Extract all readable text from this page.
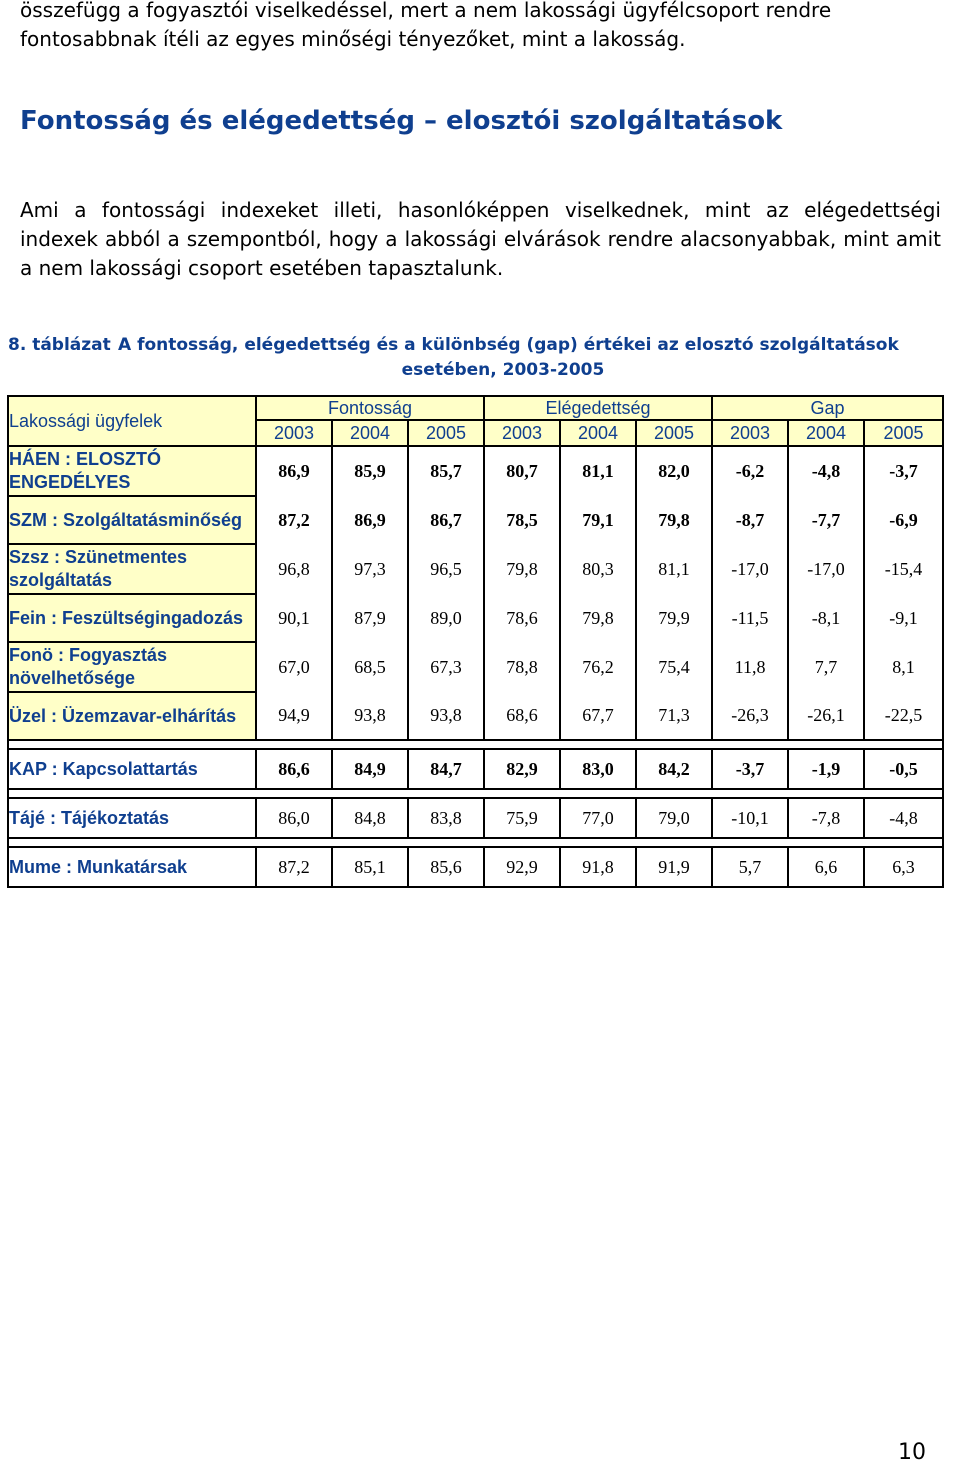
összefügg a fogyasztói viselkedéssel, mert a nem lakossági ügyfélcsoport rendre

fontosabbnak ítéli az egyes minőségi tényezőket, mint a lakosság.

Fontosság és elégedettség – elosztói szolgáltatások

Ami a fontossági indexeket illeti, hasonlóképpen viselkednek, mint az elégedettségi indexek abból a szempontból, hogy a lakossági elvárások rendre alacsonyabbak, mint amit a nem lakossági csoport esetében tapasztalunk.

8. táblázat A fontosság, elégedettség és a különbség (gap) értékei az elosztó szolgáltatások
esetében, 2003-2005
Lakossági ügyfelek	Fontosság			Elégedettség			Gap		
	2003	2004	2005	2003	2004	2005	2003	2004	2005
HÁEN : ELOSZTÓ ENGEDÉLYES	86,9	85,9	85,7	80,7	81,1	82,0	-6,2	-4,8	-3,7
SZM : Szolgáltatásminőség	87,2	86,9	86,7	78,5	79,1	79,8	-8,7	-7,7	-6,9
Szsz : Szünetmentes szolgáltatás	96,8	97,3	96,5	79,8	80,3	81,1	-17,0	-17,0	-15,4
Fein : Feszültségingadozás	90,1	87,9	89,0	78,6	79,8	79,9	-11,5	-8,1	-9,1
Fonö : Fogyasztás növelhetősége	67,0	68,5	67,3	78,8	76,2	75,4	11,8	7,7	8,1
Üzel : Üzemzavar-elhárítás	94,9	93,8	93,8	68,6	67,7	71,3	-26,3	-26,1	-22,5

KAP : Kapcsolattartás	86,6	84,9	84,7	82,9	83,0	84,2	-3,7	-1,9	-0,5

Tájé : Tájékoztatás	86,0	84,8	83,8	75,9	77,0	79,0	-10,1	-7,8	-4,8

Mume : Munkatársak	87,2	85,1	85,6	92,9	91,8	91,9	5,7	6,6	6,3

10
